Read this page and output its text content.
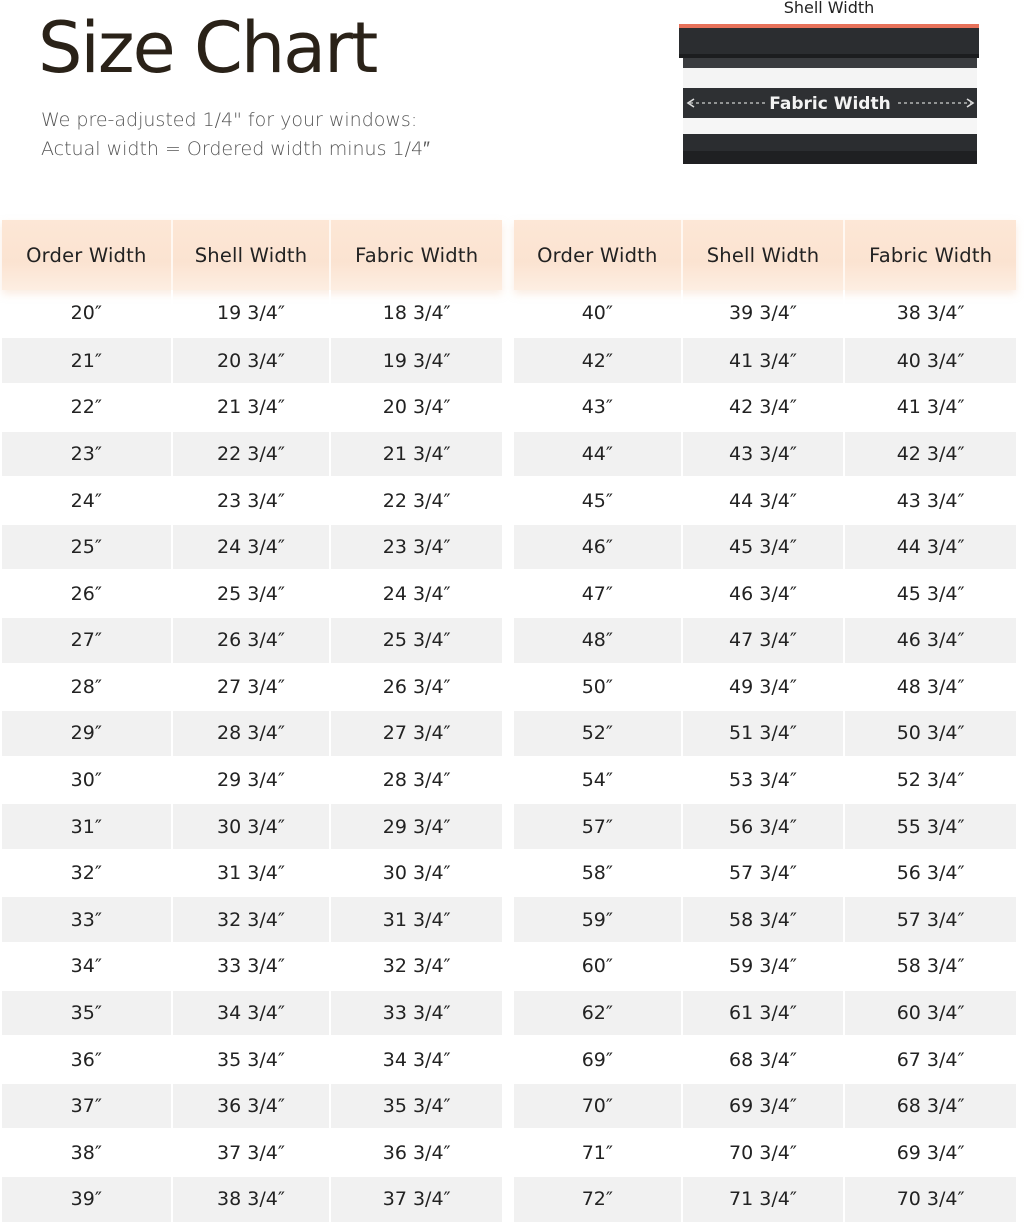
Size Chart
We pre-adjusted 1/4" for your windows:
Actual width = Ordered width minus 1/4″
Shell Width
Fabric Width
Order Width	Shell Width	Fabric Width
20″	19 3/4″	18 3/4″
21″	20 3/4″	19 3/4″
22″	21 3/4″	20 3/4″
23″	22 3/4″	21 3/4″
24″	23 3/4″	22 3/4″
25″	24 3/4″	23 3/4″
26″	25 3/4″	24 3/4″
27″	26 3/4″	25 3/4″
28″	27 3/4″	26 3/4″
29″	28 3/4″	27 3/4″
30″	29 3/4″	28 3/4″
31″	30 3/4″	29 3/4″
32″	31 3/4″	30 3/4″
33″	32 3/4″	31 3/4″
34″	33 3/4″	32 3/4″
35″	34 3/4″	33 3/4″
36″	35 3/4″	34 3/4″
37″	36 3/4″	35 3/4″
38″	37 3/4″	36 3/4″
39″	38 3/4″	37 3/4″
Order Width	Shell Width	Fabric Width
40″	39 3/4″	38 3/4″
42″	41 3/4″	40 3/4″
43″	42 3/4″	41 3/4″
44″	43 3/4″	42 3/4″
45″	44 3/4″	43 3/4″
46″	45 3/4″	44 3/4″
47″	46 3/4″	45 3/4″
48″	47 3/4″	46 3/4″
50″	49 3/4″	48 3/4″
52″	51 3/4″	50 3/4″
54″	53 3/4″	52 3/4″
57″	56 3/4″	55 3/4″
58″	57 3/4″	56 3/4″
59″	58 3/4″	57 3/4″
60″	59 3/4″	58 3/4″
62″	61 3/4″	60 3/4″
69″	68 3/4″	67 3/4″
70″	69 3/4″	68 3/4″
71″	70 3/4″	69 3/4″
72″	71 3/4″	70 3/4″
